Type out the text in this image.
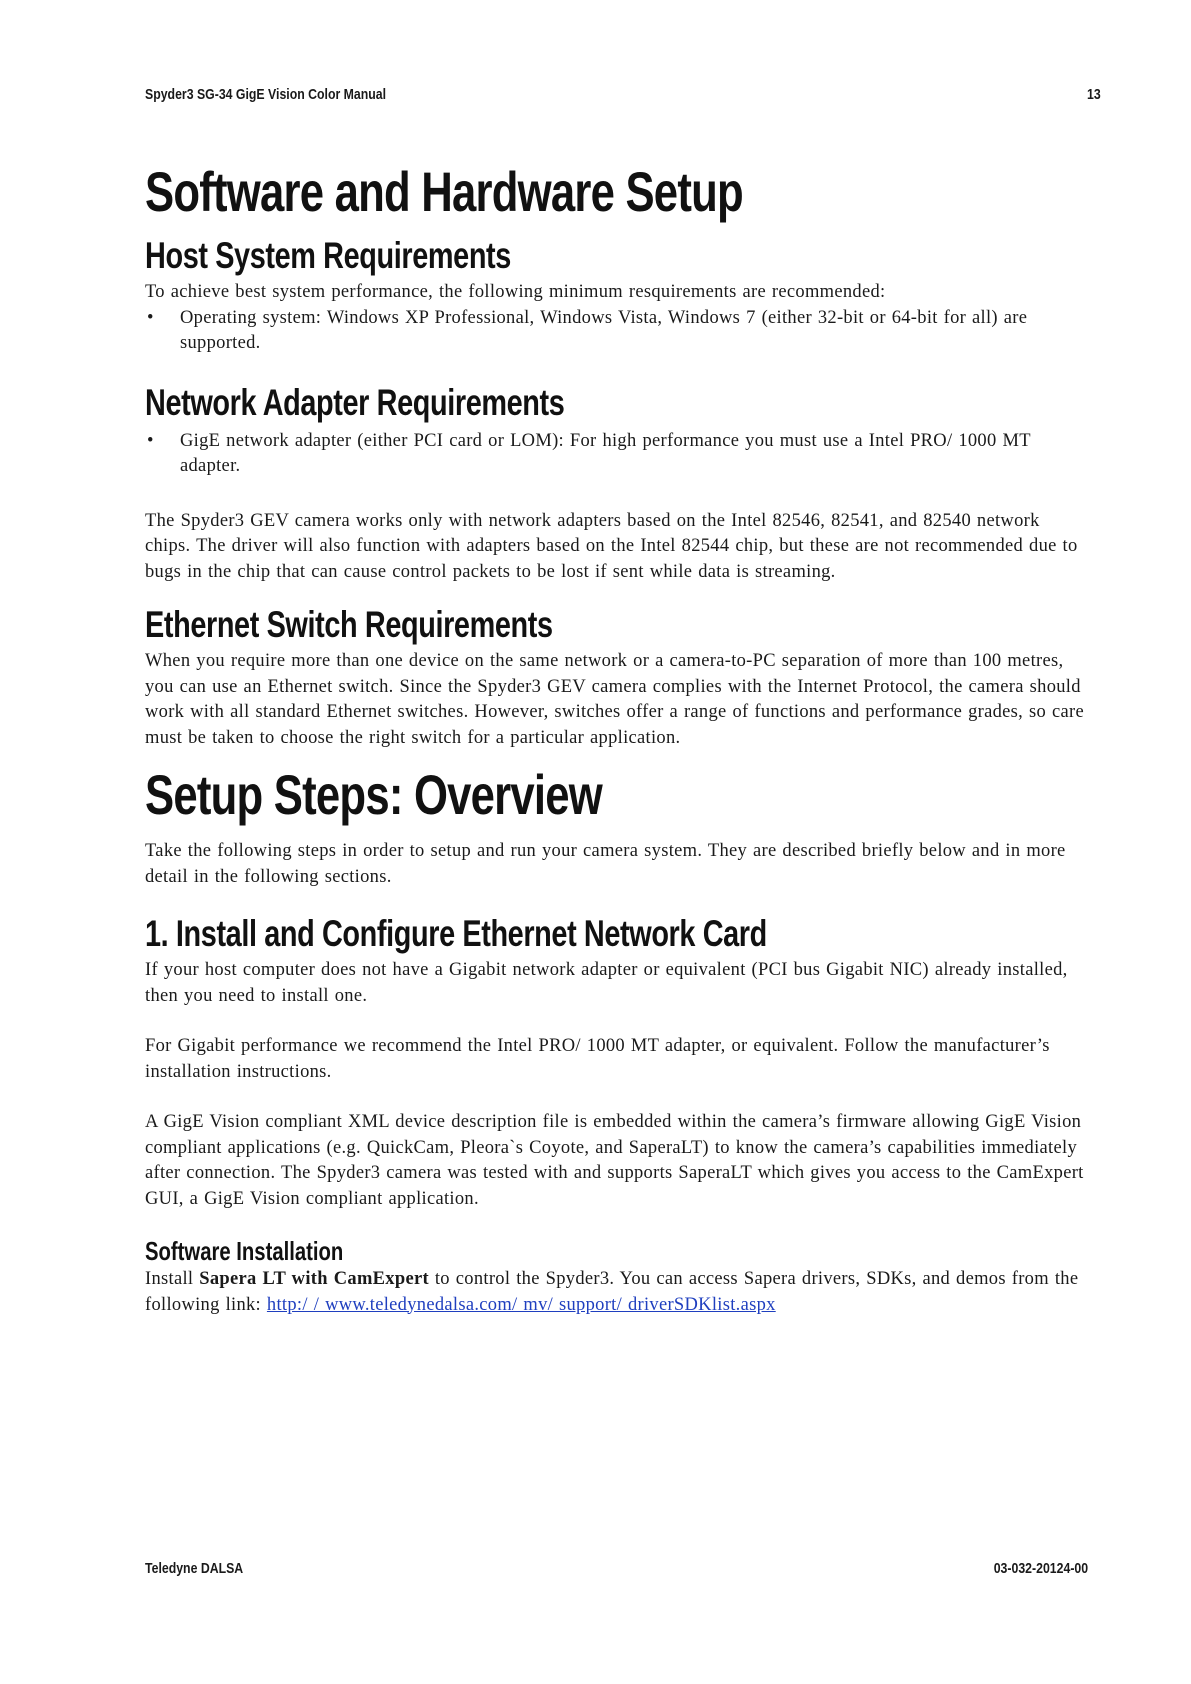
Spyder3 SG-34 GigE Vision Color Manual	13
Software and Hardware Setup
Host System Requirements

To achieve best system performance, the following minimum resquirements are recommended:

• Operating system: Windows XP Professional, Windows Vista, Windows 7 (either 32-bit or 64-bit for all) are supported.
Network Adapter Requirements
• GigE network adapter (either PCI card or LOM): For high performance you must use a Intel PRO/ 1000 MT adapter.

The Spyder3 GEV camera works only with network adapters based on the Intel 82546, 82541, and 82540 network chips. The driver will also function with adapters based on the Intel 82544 chip, but these are not recommended due to bugs in the chip that can cause control packets to be lost if sent while data is streaming.

Ethernet Switch Requirements

When you require more than one device on the same network or a camera-to-PC separation of more than 100 metres, you can use an Ethernet switch. Since the Spyder3 GEV camera complies with the Internet Protocol, the camera should work with all standard Ethernet switches. However, switches offer a range of functions and performance grades, so care must be taken to choose the right switch for a particular application.

Setup Steps: Overview

Take the following steps in order to setup and run your camera system. They are described briefly below and in more detail in the following sections.

1. Install and Configure Ethernet Network Card

If your host computer does not have a Gigabit network adapter or equivalent (PCI bus Gigabit NIC) already installed, then you need to install one.

For Gigabit performance we recommend the Intel PRO/ 1000 MT adapter, or equivalent. Follow the manufacturer’s installation instructions.

A GigE Vision compliant XML device description file is embedded within the camera’s firmware allowing GigE Vision compliant applications (e.g. QuickCam, Pleora`s Coyote, and SaperaLT) to know the camera’s capabilities immediately after connection. The Spyder3 camera was tested with and supports SaperaLT which gives you access to the CamExpert GUI, a GigE Vision compliant application.

Software Installation

Install Sapera LT with CamExpert to control the Spyder3. You can access Sapera drivers, SDKs, and demos from the following link: http:/ / www.teledynedalsa.com/ mv/ support/ driverSDKlist.aspx

Teledyne DALSA	03-032-20124-00
